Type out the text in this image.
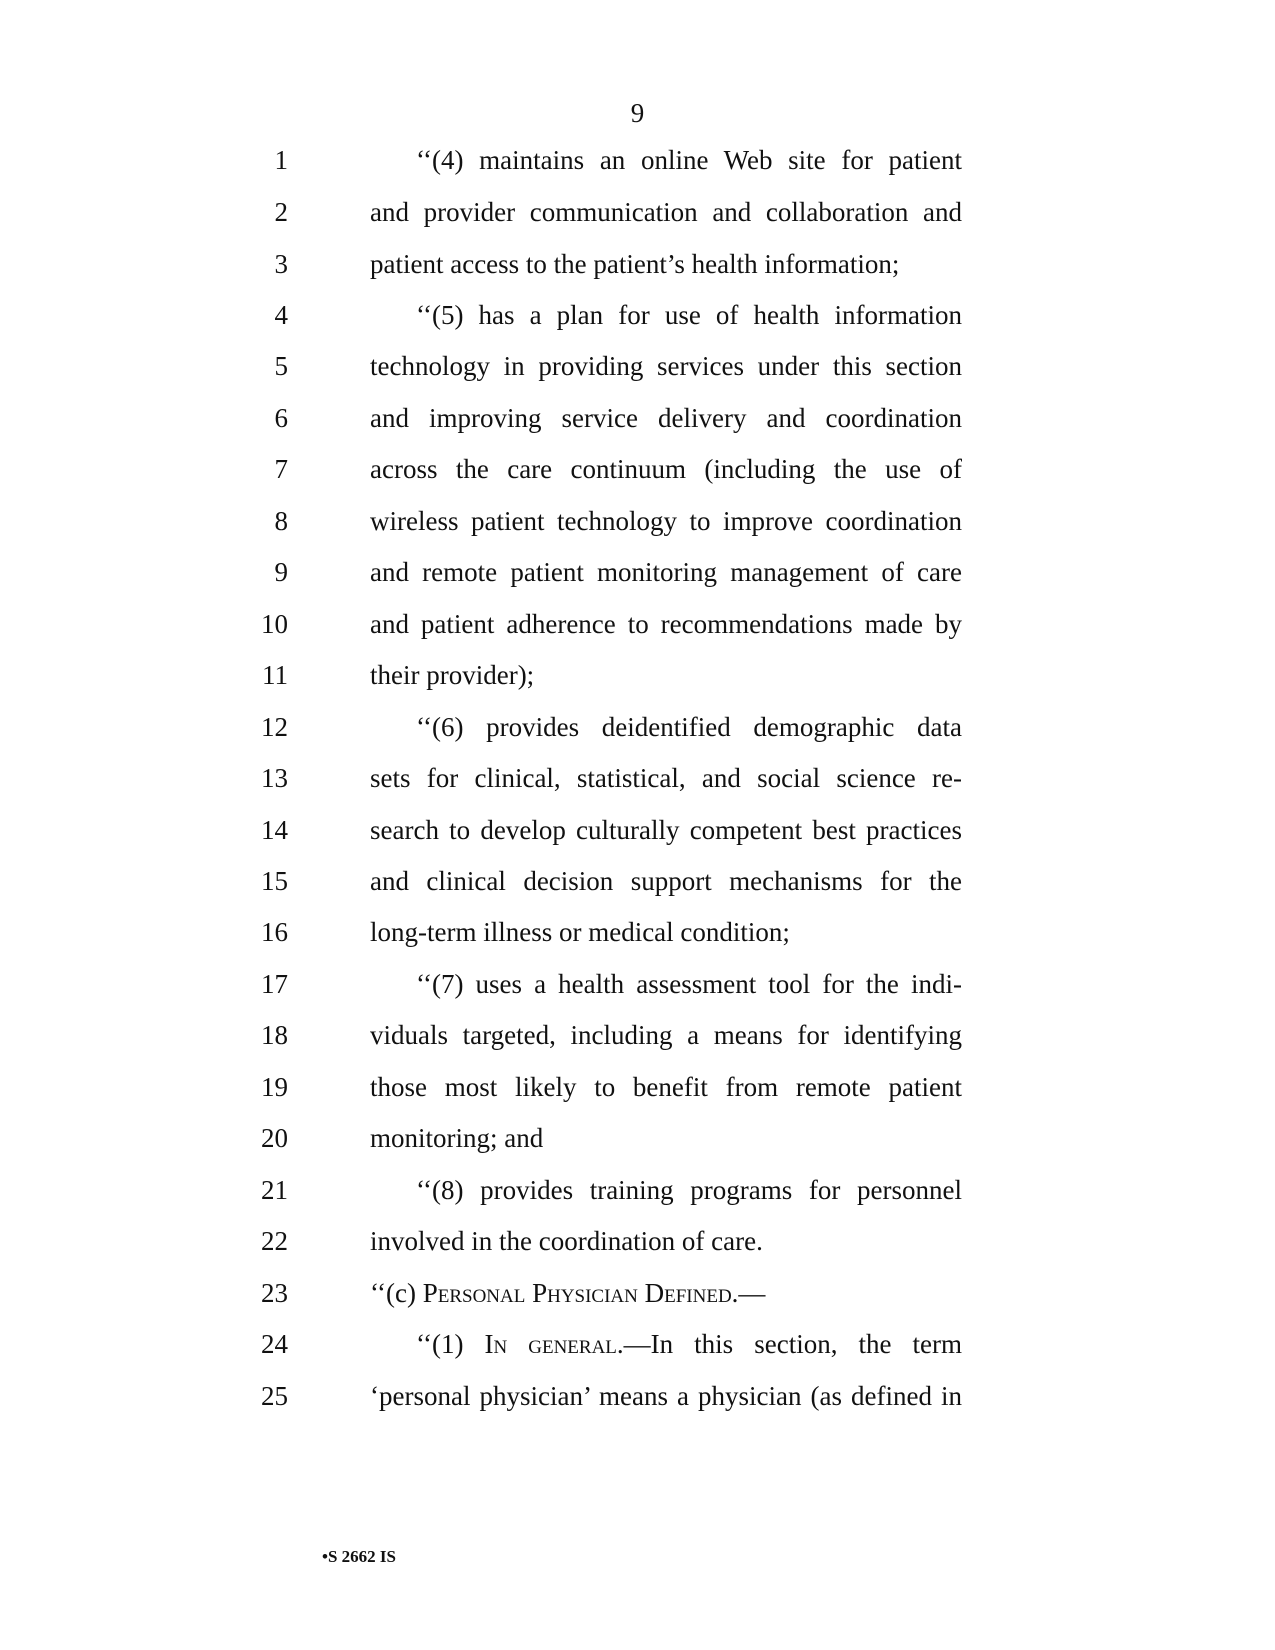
9
1	‘‘(4) maintains an online Web site for patient
2	and provider communication and collaboration and
3	patient access to the patient’s health information;
4	‘‘(5) has a plan for use of health information
5	technology in providing services under this section
6	and improving service delivery and coordination
7	across the care continuum (including the use of
8	wireless patient technology to improve coordination
9	and remote patient monitoring management of care
10	and patient adherence to recommendations made by
11	their provider);
12	‘‘(6) provides deidentified demographic data
13	sets for clinical, statistical, and social science re-
14	search to develop culturally competent best practices
15	and clinical decision support mechanisms for the
16	long-term illness or medical condition;
17	‘‘(7) uses a health assessment tool for the indi-
18	viduals targeted, including a means for identifying
19	those most likely to benefit from remote patient
20	monitoring; and
21	‘‘(8) provides training programs for personnel
22	involved in the coordination of care.
23	‘‘(c) Personal Physician Defined.—
24	‘‘(1) In general.—In this section, the term
25	‘personal physician’ means a physician (as defined in
•S 2662 IS
